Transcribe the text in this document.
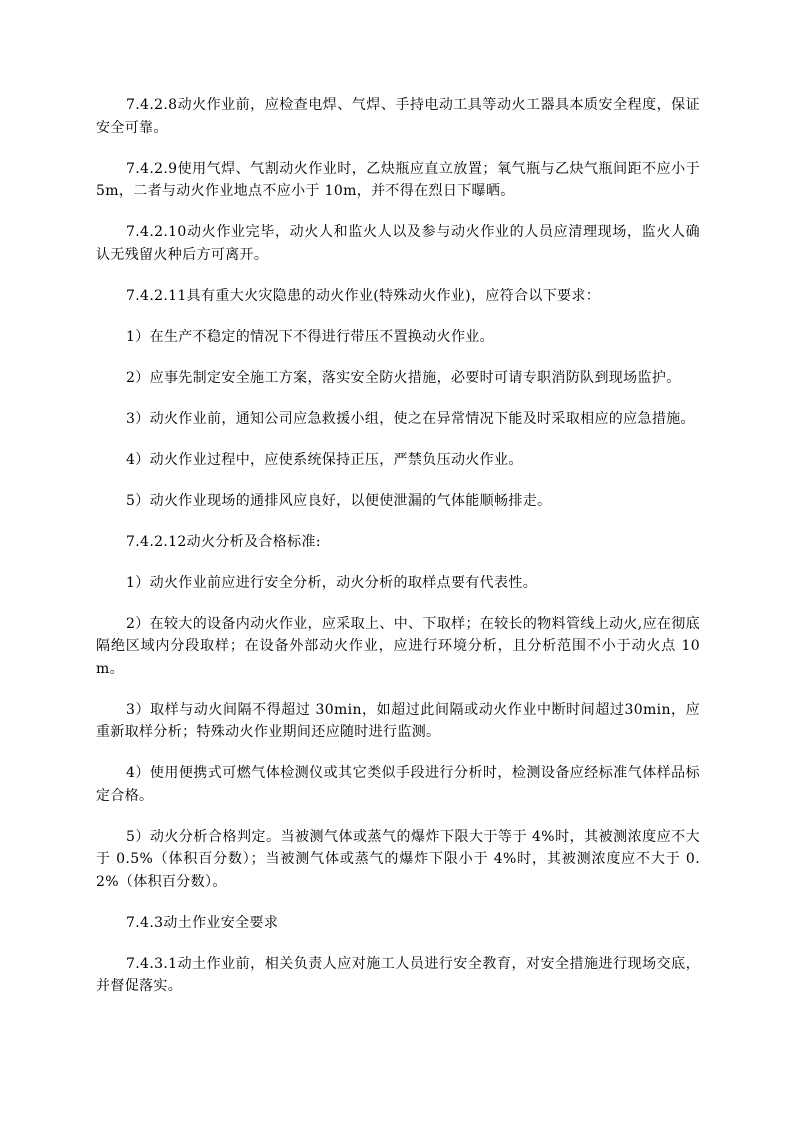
7.4.2.8动火作业前，应检查电焊、气焊、手持电动工具等动火工器具本质安全程度，保证安全可靠。

7.4.2.9使用气焊、气割动火作业时，乙炔瓶应直立放置；氧气瓶与乙炔气瓶间距不应小于 5m，二者与动火作业地点不应小于 10m，并不得在烈日下曝晒。

7.4.2.10动火作业完毕，动火人和监火人以及参与动火作业的人员应清理现场，监火人确认无残留火种后方可离开。

7.4.2.11具有重大火灾隐患的动火作业(特殊动火作业)，应符合以下要求：

1）在生产不稳定的情况下不得进行带压不置换动火作业。

2）应事先制定安全施工方案，落实安全防火措施，必要时可请专职消防队到现场监护。

3）动火作业前，通知公司应急救援小组，使之在异常情况下能及时采取相应的应急措施。

4）动火作业过程中，应使系统保持正压，严禁负压动火作业。

5）动火作业现场的通排风应良好，以便使泄漏的气体能顺畅排走。

7.4.2.12动火分析及合格标准:

1）动火作业前应进行安全分析，动火分析的取样点要有代表性。

2）在较大的设备内动火作业，应采取上、中、下取样；在较长的物料管线上动火,应在彻底隔绝区域内分段取样；在设备外部动火作业，应进行环境分析，且分析范围不小于动火点 10m。

3）取样与动火间隔不得超过 30min，如超过此间隔或动火作业中断时间超过30min，应重新取样分析；特殊动火作业期间还应随时进行监测。

4）使用便携式可燃气体检测仪或其它类似手段进行分析时，检测设备应经标准气体样品标定合格。

5）动火分析合格判定。当被测气体或蒸气的爆炸下限大于等于 4%时，其被测浓度应不大于 0.5%（体积百分数）；当被测气体或蒸气的爆炸下限小于 4%时，其被测浓度应不大于 0.2%（体积百分数）。

7.4.3动土作业安全要求

7.4.3.1动土作业前，相关负责人应对施工人员进行安全教育，对安全措施进行现场交底，并督促落实。
